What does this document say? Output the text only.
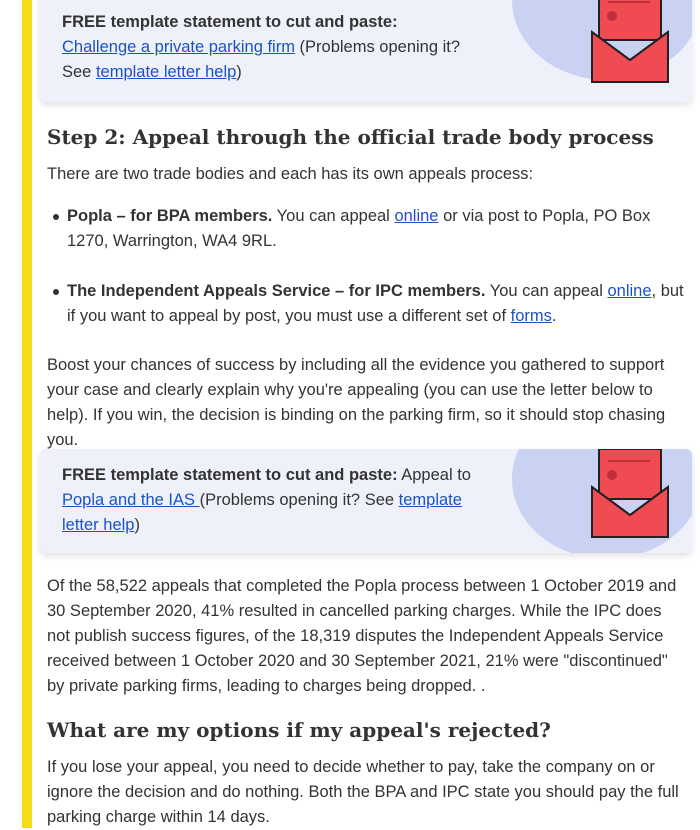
FREE template statement to cut and paste: Challenge a private parking firm (Problems opening it? See template letter help)
Step 2: Appeal through the official trade body process

There are two trade bodies and each has its own appeals process:

Popla – for BPA members. You can appeal online or via post to Popla, PO Box 1270, Warrington, WA4 9RL.
The Independent Appeals Service – for IPC members. You can appeal online, but if you want to appeal by post, you must use a different set of forms.

Boost your chances of success by including all the evidence you gathered to support your case and clearly explain why you're appealing (you can use the letter below to help). If you win, the decision is binding on the parking firm, so it should stop chasing you.

FREE template statement to cut and paste: Appeal to Popla and the IAS (Problems opening it? See template letter help)

Of the 58,522 appeals that completed the Popla process between 1 October 2019 and 30 September 2020, 41% resulted in cancelled parking charges. While the IPC does not publish success figures, of the 18,319 disputes the Independent Appeals Service received between 1 October 2020 and 30 September 2021, 21% were "discontinued" by private parking firms, leading to charges being dropped. .

What are my options if my appeal's rejected?

If you lose your appeal, you need to decide whether to pay, take the company on or ignore the decision and do nothing. Both the BPA and IPC state you should pay the full parking charge within 14 days.
